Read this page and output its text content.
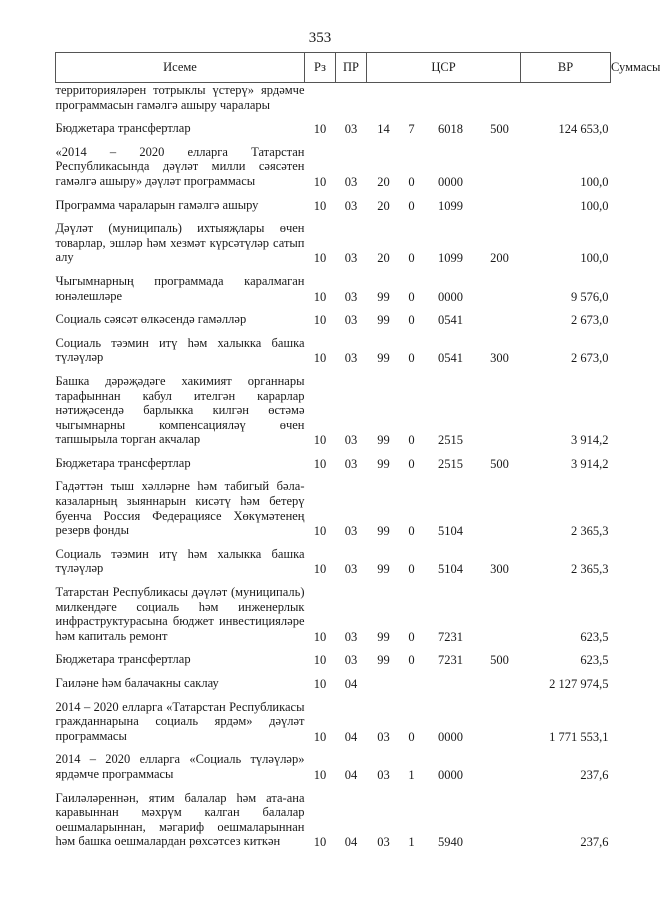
353
Исеме	Рз	ПР	ЦСР				ВР	Суммасы
территорияләрен тотрыклы үстерү» ярдәмче программасын гамәлгә ашыру чаралары								
Бюджетара трансфертлар	10	03	14	7	6018	500	124 653,0	
«2014 – 2020 елларга Татарстан Республикасында дәүләт милли сәясәтен гамәлгә ашыру» дәүләт программасы	10	03	20	0	0000		100,0	
Программа чараларын гамәлгә ашыру	10	03	20	0	1099		100,0	
Дәүләт (муниципаль) ихтыяҗлары өчен товарлар, эшләр һәм хезмәт күрсәтүләр сатып алу	10	03	20	0	1099	200	100,0	
Чыгымнарның программада каралмаган юнәлешләре	10	03	99	0	0000		9 576,0	
Социаль сәясәт өлкәсендә гамәлләр	10	03	99	0	0541		2 673,0	
Социаль тәэмин итү һәм халыкка башка түләүләр	10	03	99	0	0541	300	2 673,0	
Башка дәрәҗәдәге хакимият органнары тарафыннан кабул ителгән карарлар нәтиҗәсендә барлыкка килгән өстәмә чыгымнарны компенсацияләү өчен тапшырыла торган акчалар	10	03	99	0	2515		3 914,2	
Бюджетара трансфертлар	10	03	99	0	2515	500	3 914,2	
Гадәттән тыш хәлләрне һәм табигый бәла-казаларның зыяннарын кисәтү һәм бетерү буенча Россия Федерациясе Хөкүмәтенең резерв фонды	10	03	99	0	5104		2 365,3	
Социаль тәэмин итү һәм халыкка башка түләүләр	10	03	99	0	5104	300	2 365,3	
Татарстан Республикасы дәүләт (муниципаль) милкендәге социаль һәм инженерлык инфраструктурасына бюджет инвестицияләре һәм капиталь ремонт	10	03	99	0	7231		623,5	
Бюджетара трансфертлар	10	03	99	0	7231	500	623,5	
Гаиләне һәм балачакны саклау	10	04					2 127 974,5	
2014 – 2020 елларга «Татарстан Республикасы гражданнарына социаль ярдәм» дәүләт программасы	10	04	03	0	0000		1 771 553,1	
2014 – 2020 елларга «Социаль түләүләр» ярдәмче программасы	10	04	03	1	0000		237,6	
Гаиләләреннән, ятим балалар һәм ата-ана каравыннан мәхрүм калган балалар оешмаларыннан, мәгариф оешмаларыннан һәм башка оешмалардан рөхсәтсез киткән	10	04	03	1	5940		237,6	
